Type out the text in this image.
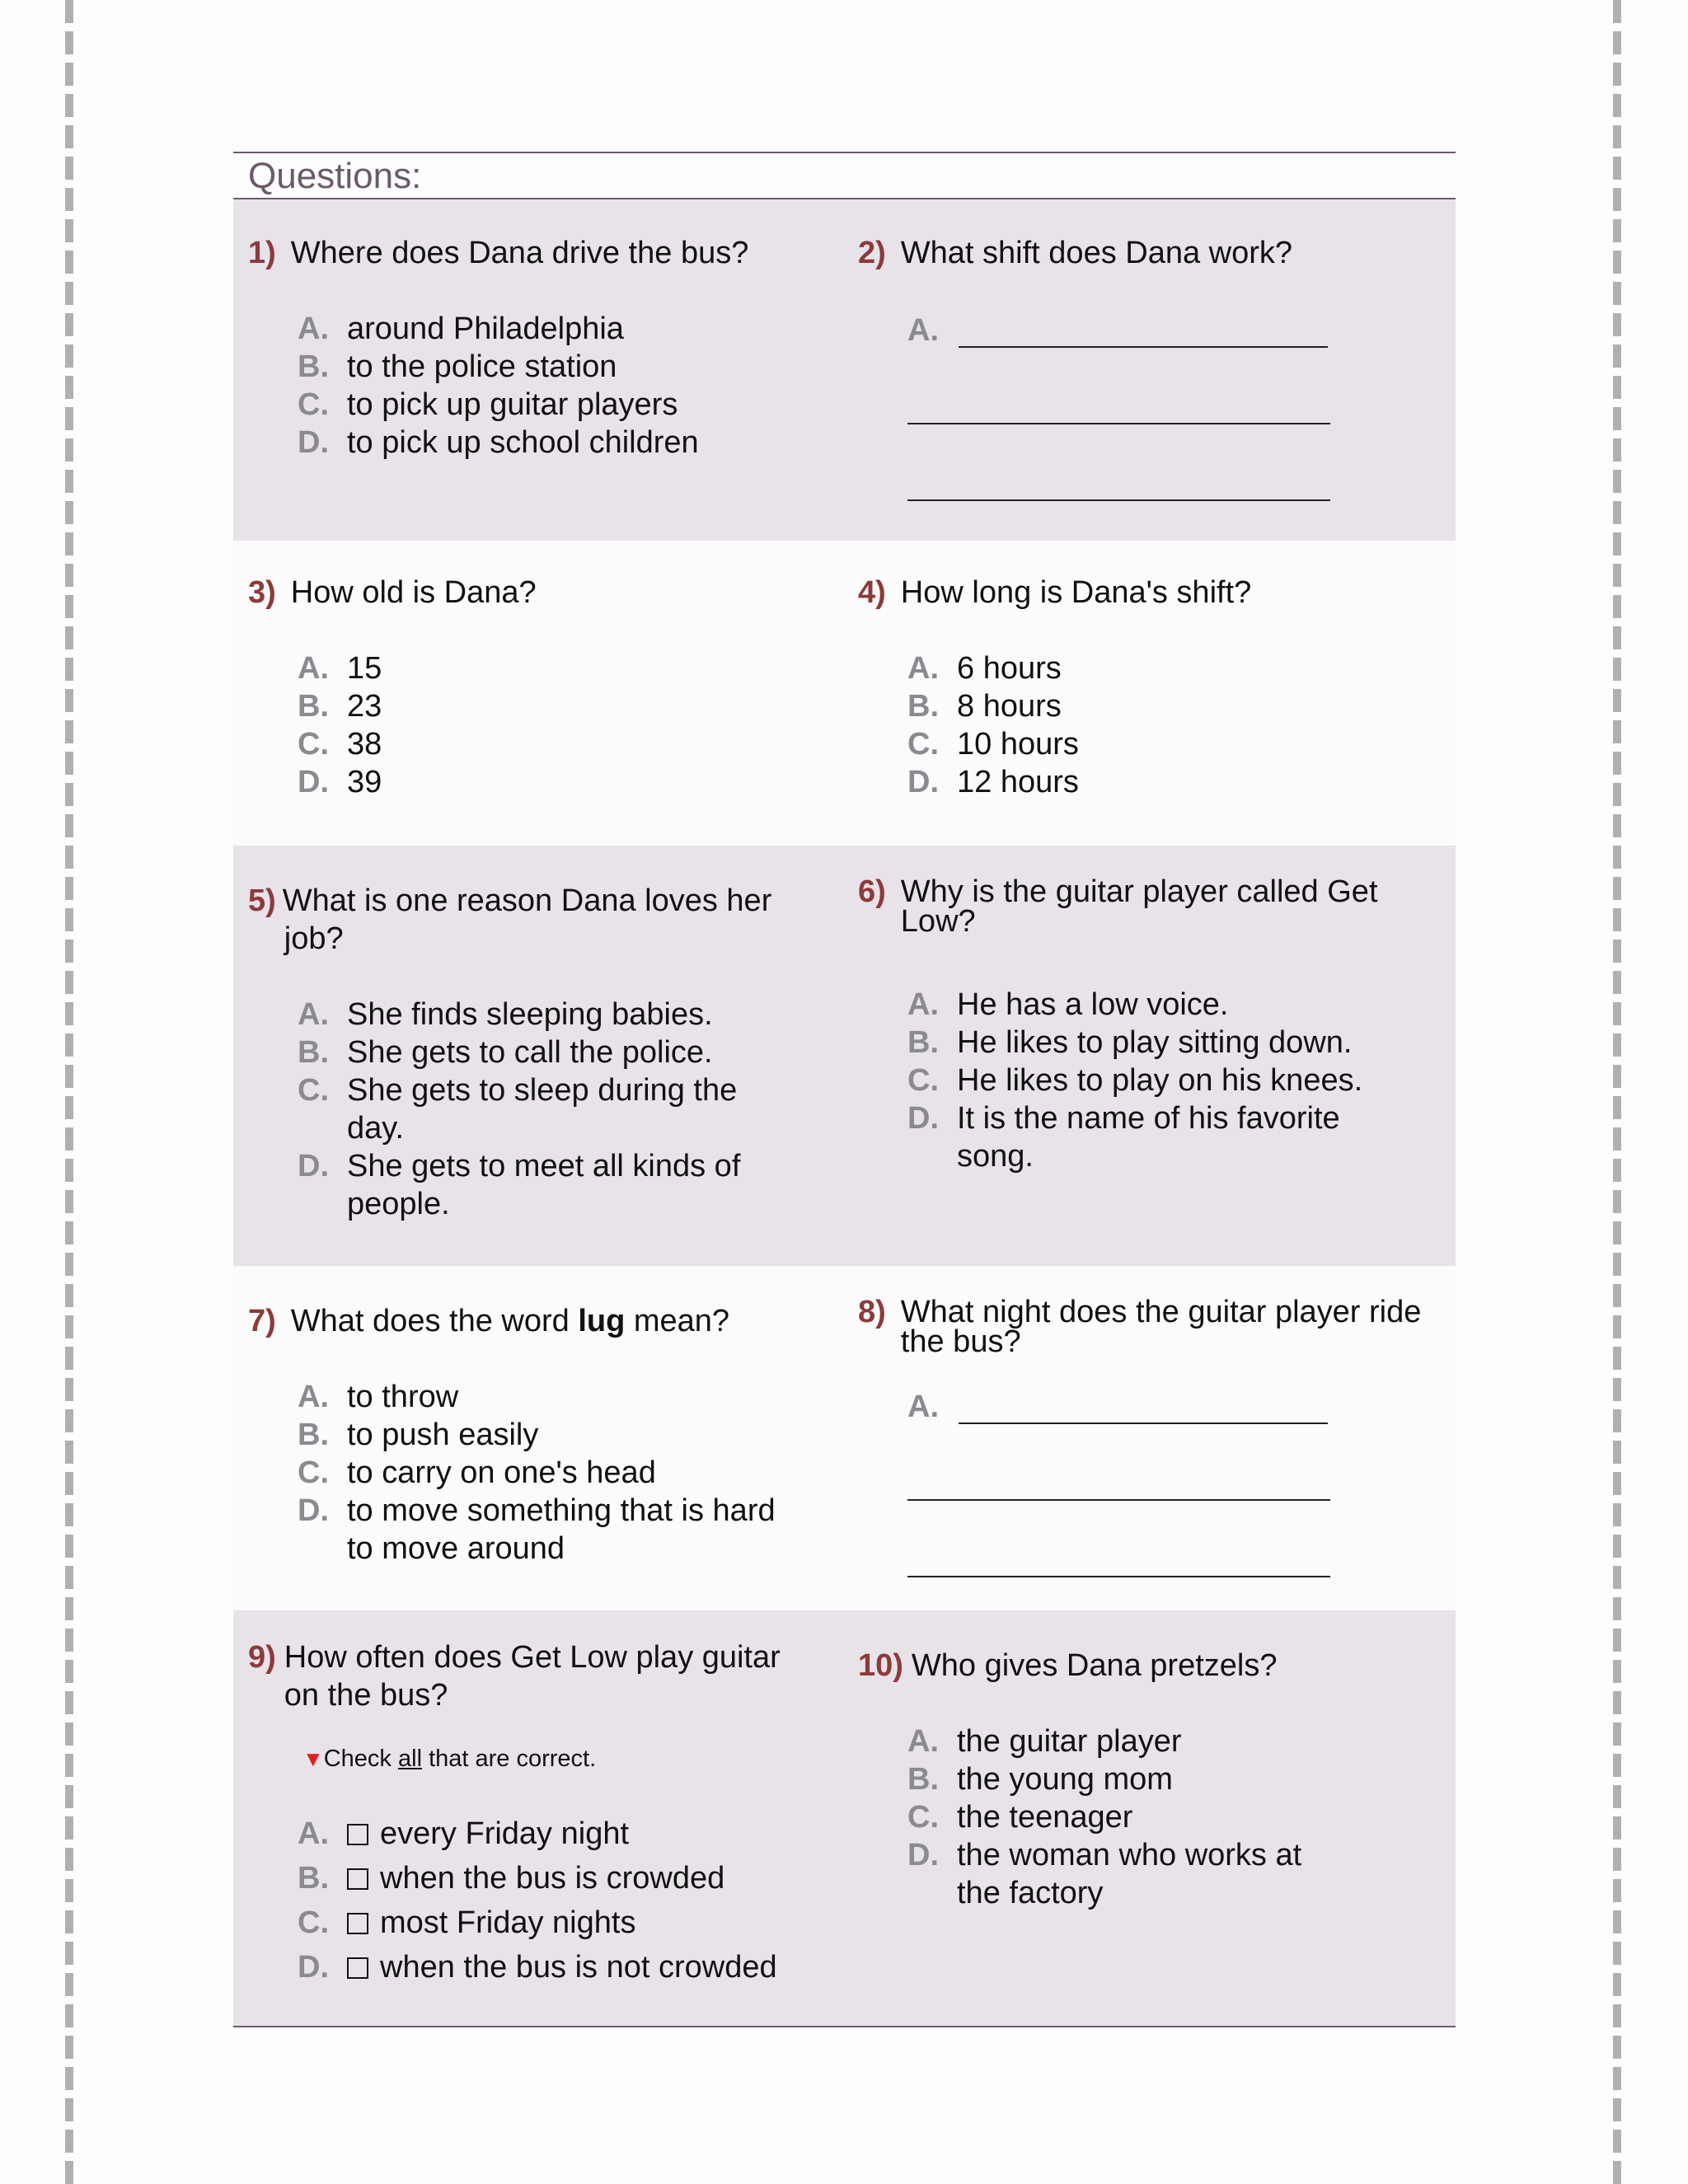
Questions:
1) Where does Dana drive the bus?
A. around Philadelphia
B. to the police station
C. to pick up guitar players
D. to pick up school children
2) What shift does Dana work?
A.
3) How old is Dana?
A. 15
B. 23
C. 38
D. 39
4) How long is Dana's shift?
A. 6 hours
B. 8 hours
C. 10 hours
D. 12 hours
5) What is one reason Dana loves her job?
A. She finds sleeping babies.
B. She gets to call the police.
C. She gets to sleep during the day.
D. She gets to meet all kinds of people.
6) Why is the guitar player called Get Low?
A. He has a low voice.
B. He likes to play sitting down.
C. He likes to play on his knees.
D. It is the name of his favorite song.
7) What does the word lug mean?
A. to throw
B. to push easily
C. to carry on one's head
D. to move something that is hard to move around
8) What night does the guitar player ride the bus?
A.
9) How often does Get Low play guitar on the bus?
▼Check all that are correct.
A.	every Friday night
B.	when the bus is crowded
C.	most Friday nights
D.	when the bus is not crowded
10) Who gives Dana pretzels?
A. the guitar player
B. the young mom
C. the teenager
D. the woman who works at the factory
